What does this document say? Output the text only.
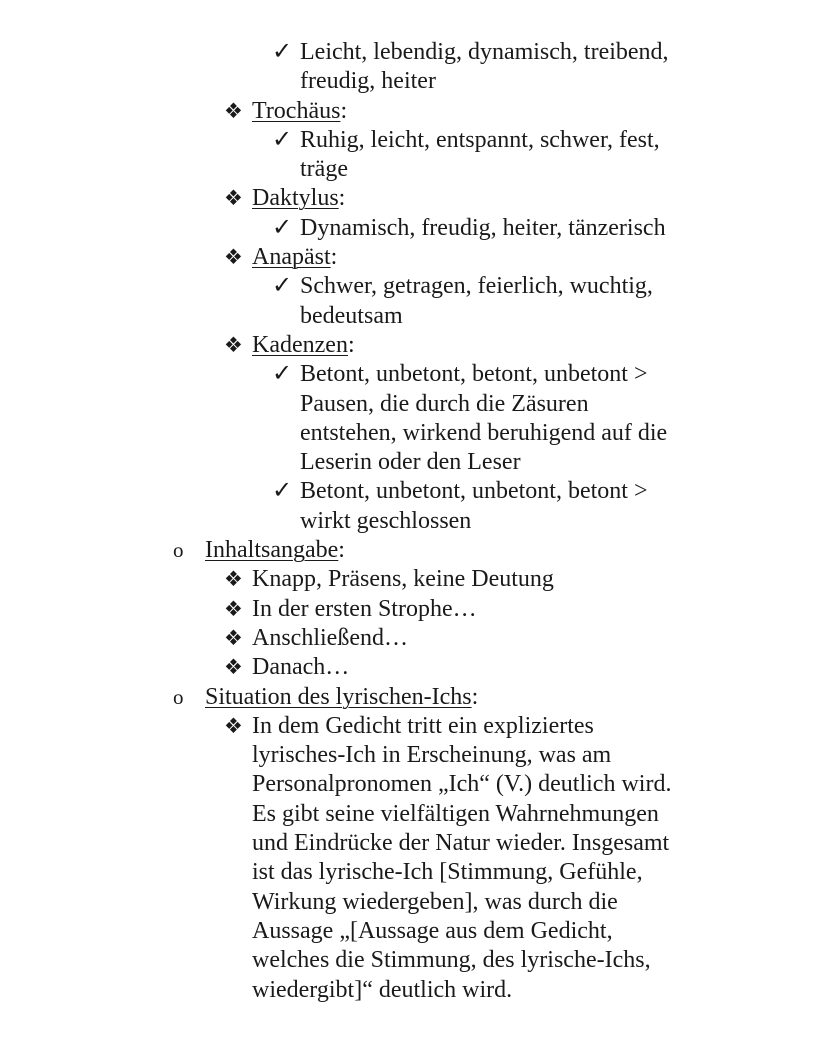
✓ Leicht, lebendig, dynamisch, treibend,
freudig, heiter
❖ Trochäus:
✓ Ruhig, leicht, entspannt, schwer, fest,
träge
❖ Daktylus:
✓ Dynamisch, freudig, heiter, tänzerisch
❖ Anapäst:
✓ Schwer, getragen, feierlich, wuchtig,
bedeutsam
❖ Kadenzen:
✓ Betont, unbetont, betont, unbetont >
Pausen, die durch die Zäsuren
entstehen, wirkend beruhigend auf die
Leserin oder den Leser
✓ Betont, unbetont, unbetont, betont >
wirkt geschlossen
o Inhaltsangabe:
❖ Knapp, Präsens, keine Deutung
❖ In der ersten Strophe…
❖ Anschließend…
❖ Danach…
o Situation des lyrischen-Ichs:
❖ In dem Gedicht tritt ein expliziertes
lyrisches-Ich in Erscheinung, was am
Personalpronomen „Ich“ (V.) deutlich wird.
Es gibt seine vielfältigen Wahrnehmungen
und Eindrücke der Natur wieder. Insgesamt
ist das lyrische-Ich [Stimmung, Gefühle,
Wirkung wiedergeben], was durch die
Aussage „[Aussage aus dem Gedicht,
welches die Stimmung, des lyrische-Ichs,
wiedergibt]“ deutlich wird.
